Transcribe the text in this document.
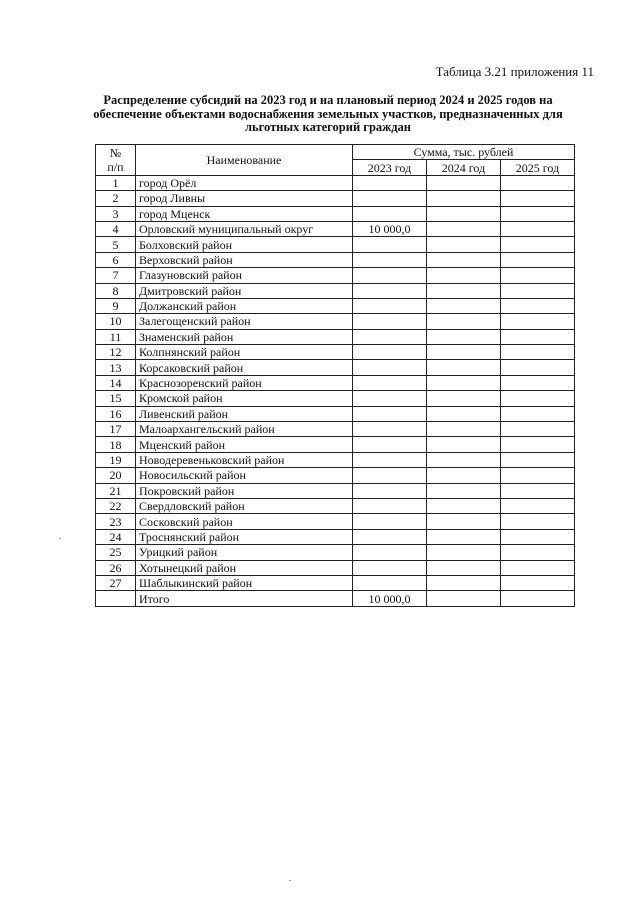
Таблица 3.21 приложения 11
Распределение субсидий на 2023 год и на плановый период 2024 и 2025 годов на
обеспечение объектами водоснабжения земельных участков, предназначенных для
льготных категорий граждан
№
п/п	Наименование	Сумма, тыс. рублей		
		2023 год	2024 год	2025 год
1	город Орёл			
2	город Ливны			
3	город Мценск			
4	Орловский муниципальный округ	10 000,0		
5	Болховский район			
6	Верховский район			
7	Глазуновский район			
8	Дмитровский район			
9	Должанский район			
10	Залегощенский район			
11	Знаменский район			
12	Колпнянский район			
13	Корсаковский район			
14	Краснозоренский район			
15	Кромской район			
16	Ливенский район			
17	Малоархангельский район			
18	Мценский район			
19	Новодеревеньковский район			
20	Новосильский район			
21	Покровский район			
22	Свердловский район			
23	Сосковский район			
24	Троснянский район			
25	Урицкий район			
26	Хотынецкий район			
27	Шаблыкинский район			
	Итого	10 000,0		
